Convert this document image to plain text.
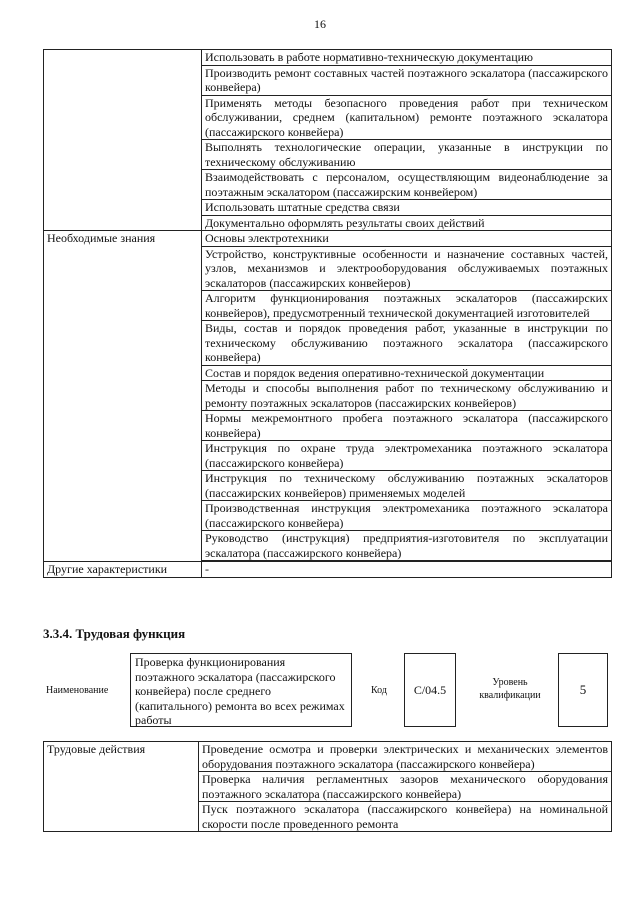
16
	Использовать в работе нормативно-техническую документацию
	Производить ремонт составных частей поэтажного эскалатора (пассажирского конвейера)
	Применять методы безопасного проведения работ при техническом обслуживании, среднем (капитальном) ремонте поэтажного эскалатора (пассажирского конвейера)
	Выполнять технологические операции, указанные в инструкции по техническому обслуживанию
	Взаимодействовать с персоналом, осуществляющим видеонаблюдение за поэтажным эскалатором (пассажирским конвейером)
	Использовать штатные средства связи
	Документально оформлять результаты своих действий
Необходимые знания	Основы электротехники
	Устройство, конструктивные особенности и назначение составных частей, узлов, механизмов и электрооборудования обслуживаемых поэтажных эскалаторов (пассажирских конвейеров)
	Алгоритм функционирования поэтажных эскалаторов (пассажирских конвейеров), предусмотренный технической документацией изготовителей
	Виды, состав и порядок проведения работ, указанные в инструкции по техническому обслуживанию поэтажного эскалатора (пассажирского конвейера)
	Состав и порядок ведения оперативно-технической документации
	Методы и способы выполнения работ по техническому обслуживанию и ремонту поэтажных эскалаторов (пассажирских конвейеров)
	Нормы межремонтного пробега поэтажного эскалатора (пассажирского конвейера)
	Инструкция по охране труда электромеханика поэтажного эскалатора (пассажирского конвейера)
	Инструкция по техническому обслуживанию поэтажных эскалаторов (пассажирских конвейеров) применяемых моделей
	Производственная инструкция электромеханика поэтажного эскалатора (пассажирского конвейера)
	Руководство (инструкция) предприятия-изготовителя по эксплуатации эскалатора (пассажирского конвейера)

Другие характеристики	-
3.3.4. Трудовая функция
Наименование
Проверка функционирования поэтажного эскалатора (пассажирского конвейера) после среднего (капитального) ремонта во всех режимах работы
Код	C/04.5	Уровень квалификации	5
Трудовые действия	Проведение осмотра и проверки электрических и механических элементов оборудования поэтажного эскалатора (пассажирского конвейера)
Проверка наличия регламентных зазоров механического оборудования поэтажного эскалатора (пассажирского конвейера)
Пуск поэтажного эскалатора (пассажирского конвейера) на номинальной скорости после проведенного ремонта
